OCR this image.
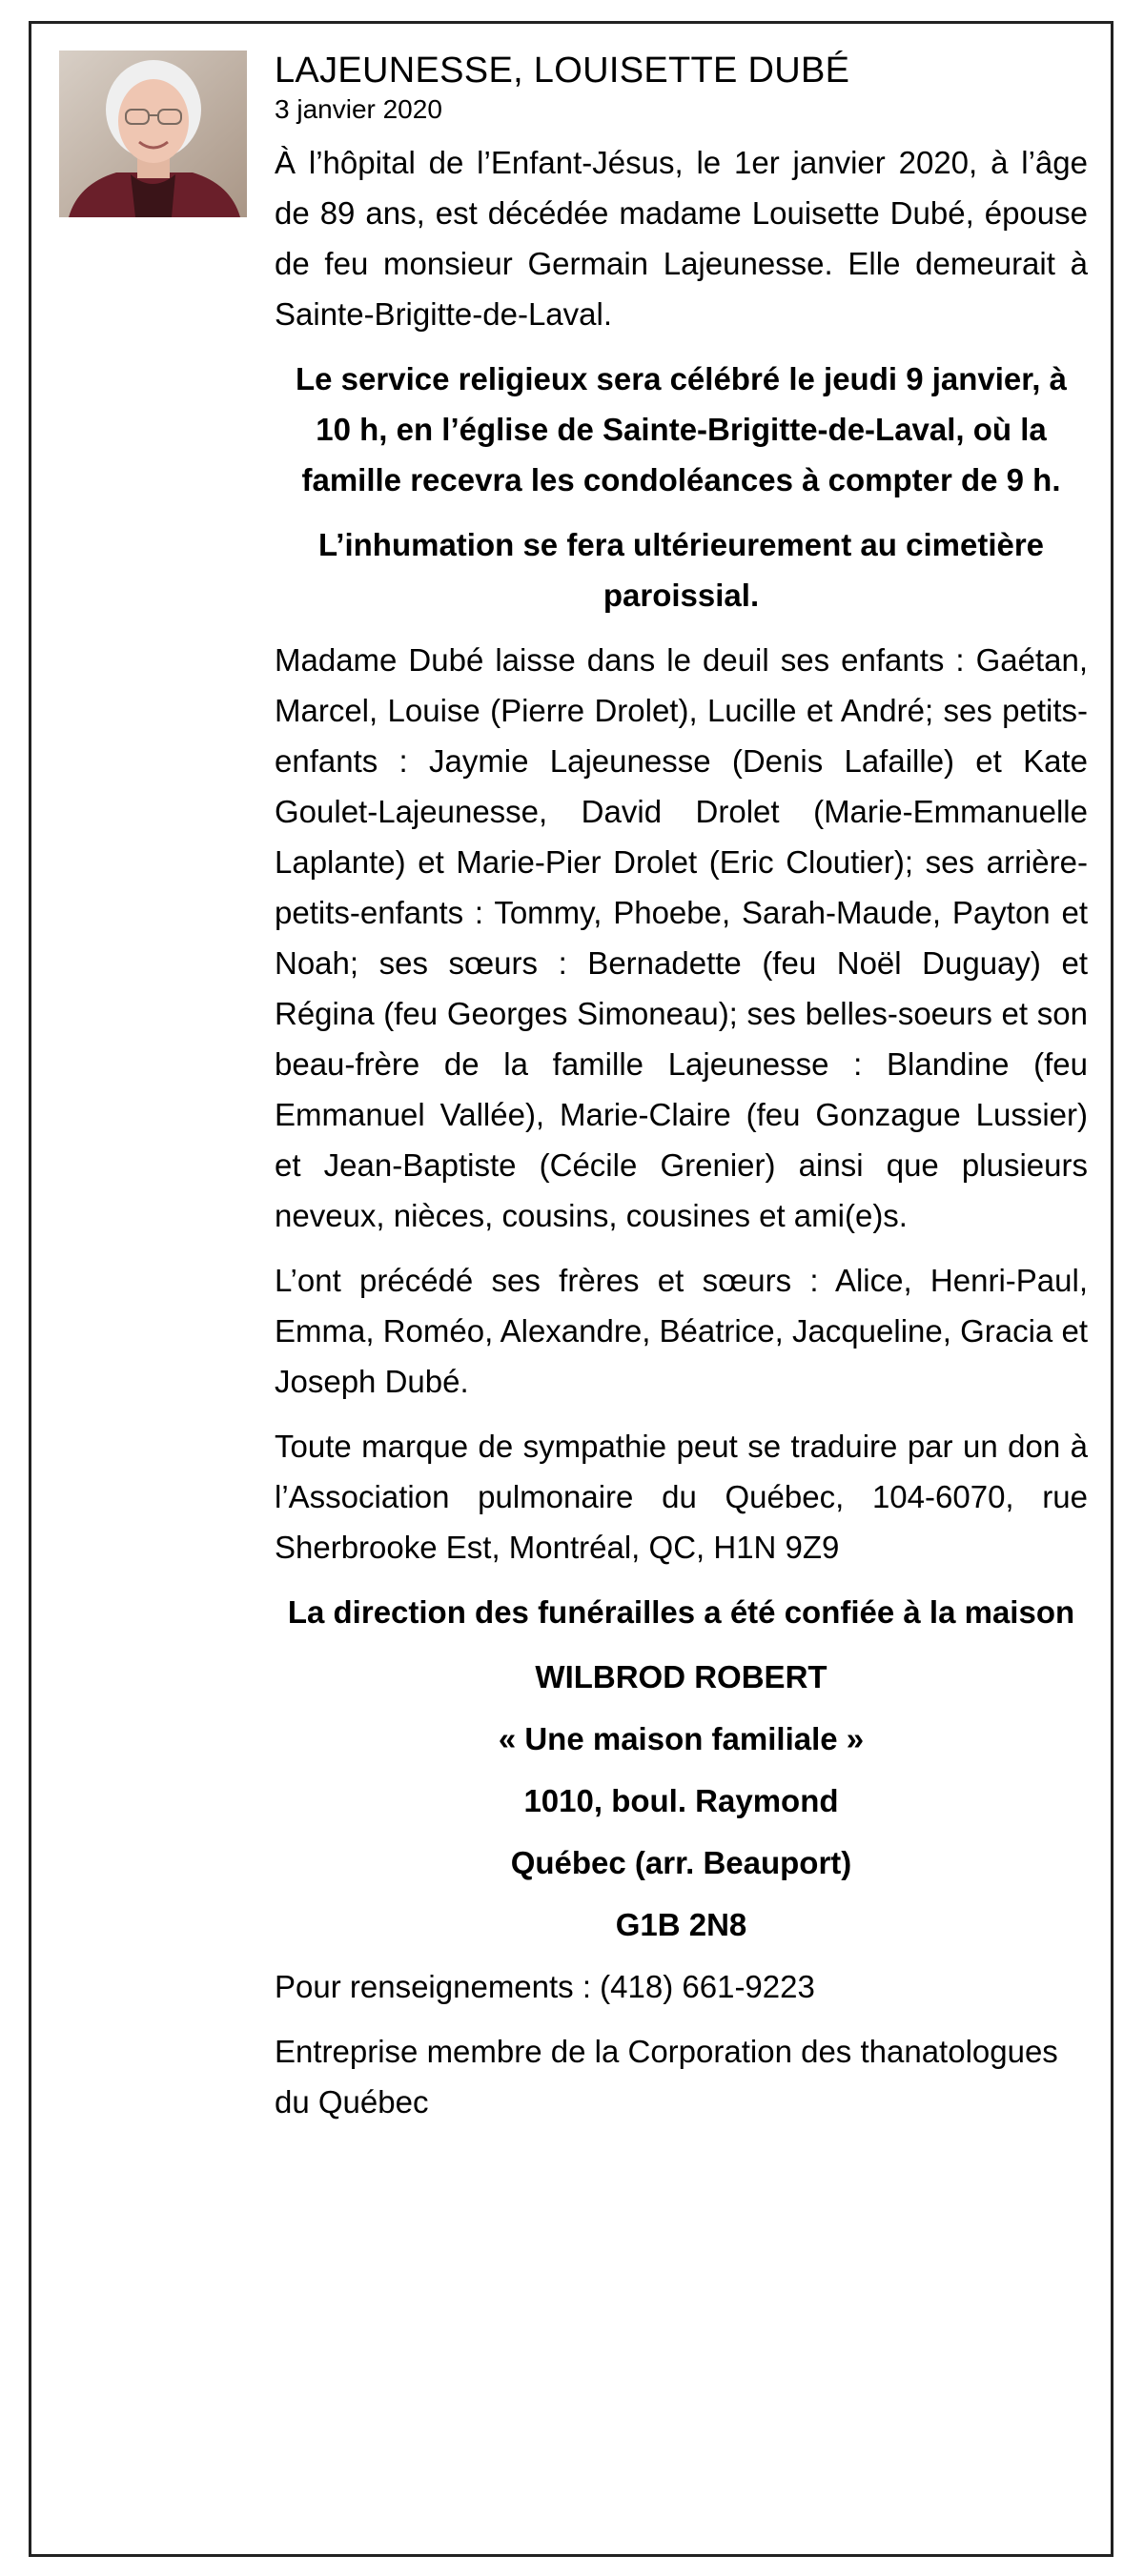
LAJEUNESSE, LOUISETTE DUBÉ
3 janvier 2020

À l’hôpital de l’Enfant-Jésus, le 1er janvier 2020, à l’âge de 89 ans, est décédée madame Louisette Dubé, épouse de feu monsieur Germain Lajeunesse. Elle demeurait à Sainte-Brigitte-de-Laval.

Le service religieux sera célébré le jeudi 9 janvier, à 10 h, en l’église de Sainte-Brigitte-de-Laval, où la famille recevra les condoléances à compter de 9 h.

L’inhumation se fera ultérieurement au cimetière paroissial.

Madame Dubé laisse dans le deuil ses enfants : Gaétan, Marcel, Louise (Pierre Drolet), Lucille et André; ses petits-enfants : Jaymie Lajeunesse (Denis Lafaille) et Kate Goulet-Lajeunesse, David Drolet (Marie-Emmanuelle Laplante) et Marie-Pier Drolet (Eric Cloutier); ses arrière-petits-enfants : Tommy, Phoebe, Sarah-Maude, Payton et Noah; ses sœurs : Bernadette (feu Noël Duguay) et Régina (feu Georges Simoneau); ses belles-soeurs et son beau-frère de la famille Lajeunesse : Blandine (feu Emmanuel Vallée), Marie-Claire (feu Gonzague Lussier) et Jean-Baptiste (Cécile Grenier) ainsi que plusieurs neveux, nièces, cousins, cousines et ami(e)s.

L’ont précédé ses frères et sœurs : Alice, Henri-Paul, Emma, Roméo, Alexandre, Béatrice, Jacqueline, Gracia et Joseph Dubé.

Toute marque de sympathie peut se traduire par un don à l’Association pulmonaire du Québec, 104-6070, rue Sherbrooke Est, Montréal, QC, H1N 9Z9

La direction des funérailles a été confiée à la maison

WILBROD ROBERT

« Une maison familiale »

1010, boul. Raymond

Québec (arr. Beauport)

G1B 2N8

Pour renseignements : (418) 661-9223

Entreprise membre de la Corporation des thanatologues du Québec
